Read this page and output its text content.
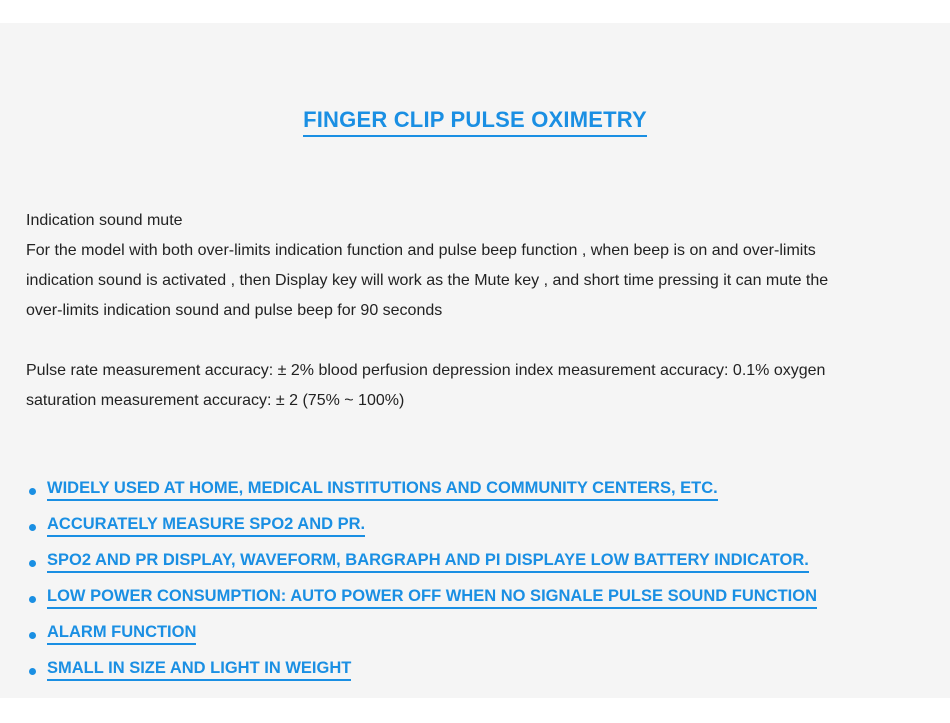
FINGER CLIP PULSE OXIMETRY
Indication sound mute
For the model with both over-limits indication function and pulse beep function , when beep is on and over-limits
indication sound is activated , then Display key will work as the Mute key , and short time pressing it can mute the
over-limits indication sound and pulse beep for 90 seconds
Pulse rate measurement accuracy: ± 2% blood perfusion depression index measurement accuracy: 0.1% oxygen
saturation measurement accuracy: ± 2 (75% ~ 100%)
WIDELY USED AT HOME, MEDICAL INSTITUTIONS AND COMMUNITY CENTERS, ETC.
ACCURATELY MEASURE SPO2 AND PR.
SPO2 AND PR DISPLAY, WAVEFORM, BARGRAPH AND PI DISPLAYE LOW BATTERY INDICATOR.
LOW POWER CONSUMPTION: AUTO POWER OFF WHEN NO SIGNALE PULSE SOUND FUNCTION
ALARM FUNCTION
SMALL IN SIZE AND LIGHT IN WEIGHT
